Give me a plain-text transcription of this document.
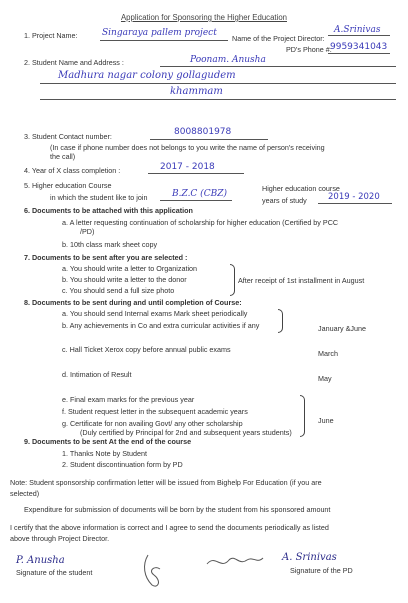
Application for Sponsoring the Higher Education
1. Project Name:	Singaraya pallem project
Name of the Project Director:
A.Srinivas
PD's Phone #:
9959341043
2. Student Name and Address :	Poonam. Anusha
Madhura nagar colony gollagudem
khammam
3. Student Contact number:	8008801978
(In case if phone number does not belongs to you write the name of person's receiving
the call)
4. Year of X class completion :	2017 - 2018
5. Higher education Course
in which the student like to join	B.Z.C (CBZ)
Higher education course
years of study	2019 - 2020
6. Documents to be attached with this application
a. A letter requesting continuation of scholarship for higher education (Certified by PCC
/PD)
b. 10th class mark sheet copy
7. Documents to be sent after you are selected :
a. You should write a letter to Organization
b. You should write a letter to the donor
c. You should send a full size photo
After receipt of 1st installment in August
8. Documents to be sent during and until completion of Course:
a. You should send Internal exams Mark sheet periodically
b. Any achievements in Co and extra curricular activities if any	January &June
c. Hall Ticket Xerox copy before annual public exams	March
d. Intimation of Result	May
e. Final exam marks for the previous year
f. Student request letter in the subsequent academic years
g. Certificate for non availing Govt/ any other scholarship
(Duly certified by Principal for 2nd and subsequent years students)
June
9. Documents to be sent At the end of the course
1. Thanks Note by Student
2. Student discontinuation form by PD
Note: Student sponsorship confirmation letter will be issued from Bighelp For Education (if you are
selected)
Expenditure for submission of documents will be born by the student from his sponsored amount
I certify that the above information is correct and I agree to send the documents periodically as listed
above through Project Director.
P. Anusha
Signature of the student
A. Srinivas
Signature of the PD
